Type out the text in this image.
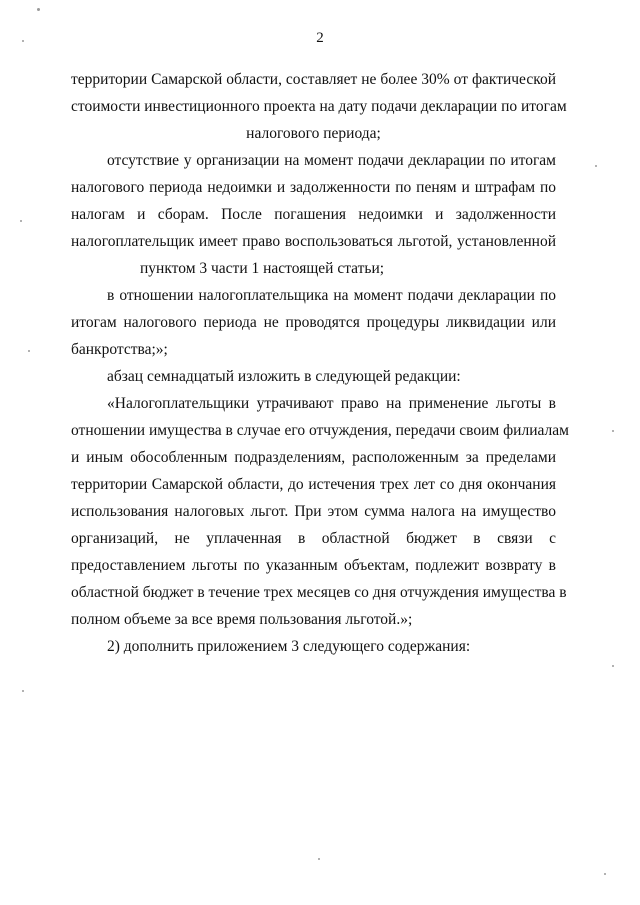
2
территории Самарской области, составляет не более 30% от фактической
стоимости инвестиционного проекта на дату подачи декларации по итогам
налогового периода;
отсутствие у организации на момент подачи декларации по итогам
налогового периода недоимки и задолженности по пеням и штрафам по
налогам и сборам. После погашения недоимки и задолженности
налогоплательщик имеет право воспользоваться льготой, установленной
пунктом 3 части 1 настоящей статьи;
в отношении налогоплательщика на момент подачи декларации по
итогам налогового периода не проводятся процедуры ликвидации или
банкротства;»;
абзац семнадцатый изложить в следующей редакции:
«Налогоплательщики утрачивают право на применение льготы в
отношении имущества в случае его отчуждения, передачи своим филиалам
и иным обособленным подразделениям, расположенным за пределами
территории Самарской области, до истечения трех лет со дня окончания
использования налоговых льгот. При этом сумма налога на имущество
организаций, не уплаченная в областной бюджет в связи с
предоставлением льготы по указанным объектам, подлежит возврату в
областной бюджет в течение трех месяцев со дня отчуждения имущества в
полном объеме за все время пользования льготой.»;
2) дополнить приложением 3 следующего содержания:
